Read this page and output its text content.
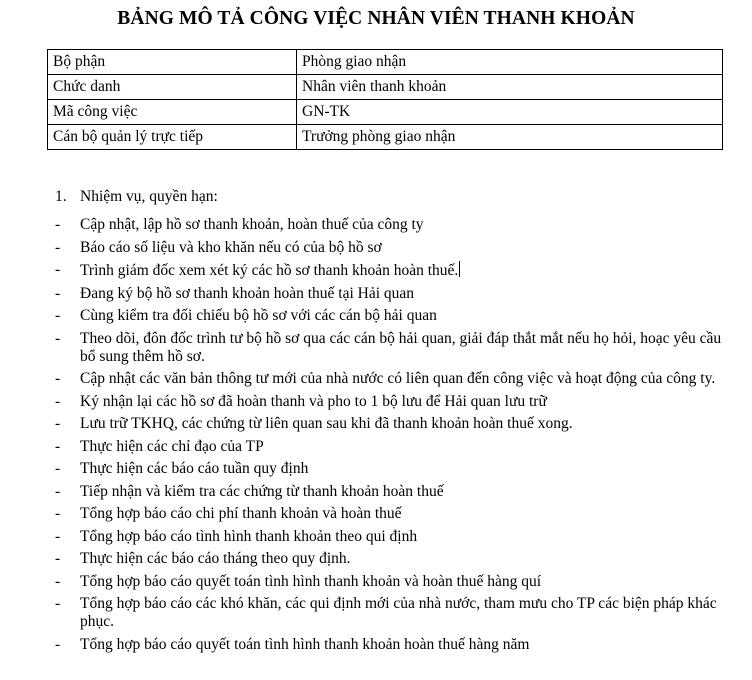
BẢNG MÔ TẢ CÔNG VIỆC NHÂN VIÊN THANH KHOẢN
Bộ phận	Phòng giao nhận
Chức danh	Nhân viên thanh khoản
Mã công việc	GN-TK
Cán bộ quản lý trực tiếp	Trưởng phòng giao nhận
1. Nhiệm vụ, quyền hạn:
- Cập nhật, lập hồ sơ thanh khoản, hoàn thuế của công ty
- Báo cáo số liệu và kho khăn nếu có của bộ hồ sơ
- Trình giám đốc xem xét ký các hồ sơ thanh khoản hoàn thuế.
- Đang ký bộ hồ sơ thanh khoản hoàn thuế tại Hải quan
- Cùng kiểm tra đối chiếu bộ hồ sơ với các cán bộ hải quan
- Theo dõi, đôn đốc trình tư bộ hồ sơ qua các cán bộ hải quan, giải đáp thắt mắt nếu họ hỏi, hoạc yêu cầu bổ sung thêm hồ sơ.
- Cập nhật các văn bản thông tư mới của nhà nước có liên quan đến công việc và hoạt động của công ty.
- Ký nhận lại các hồ sơ đã hoàn thanh và pho to 1 bộ lưu để Hải quan lưu trữ
- Lưu trữ TKHQ, các chứng từ liên quan sau khi đã thanh khoản hoàn thuế xong.
- Thực hiện các chỉ đạo của TP
- Thực hiện các báo cáo tuần quy định
- Tiếp nhận và kiểm tra các chứng từ thanh khoản hoàn thuế
- Tổng hợp báo cáo chi phí thanh khoản và hoàn thuế
- Tổng hợp báo cáo tình hình thanh khoản theo qui định
- Thực hiện các báo cáo tháng theo quy định.
- Tổng hợp báo cáo quyết toán tình hình thanh khoản và hoàn thuế hàng quí
- Tổng hợp báo cáo các khó khăn, các qui định mới của nhà nước, tham mưu cho TP các biện pháp khác phục.
- Tổng hợp báo cáo quyết toán tình hình thanh khoản hoàn thuế hàng năm
